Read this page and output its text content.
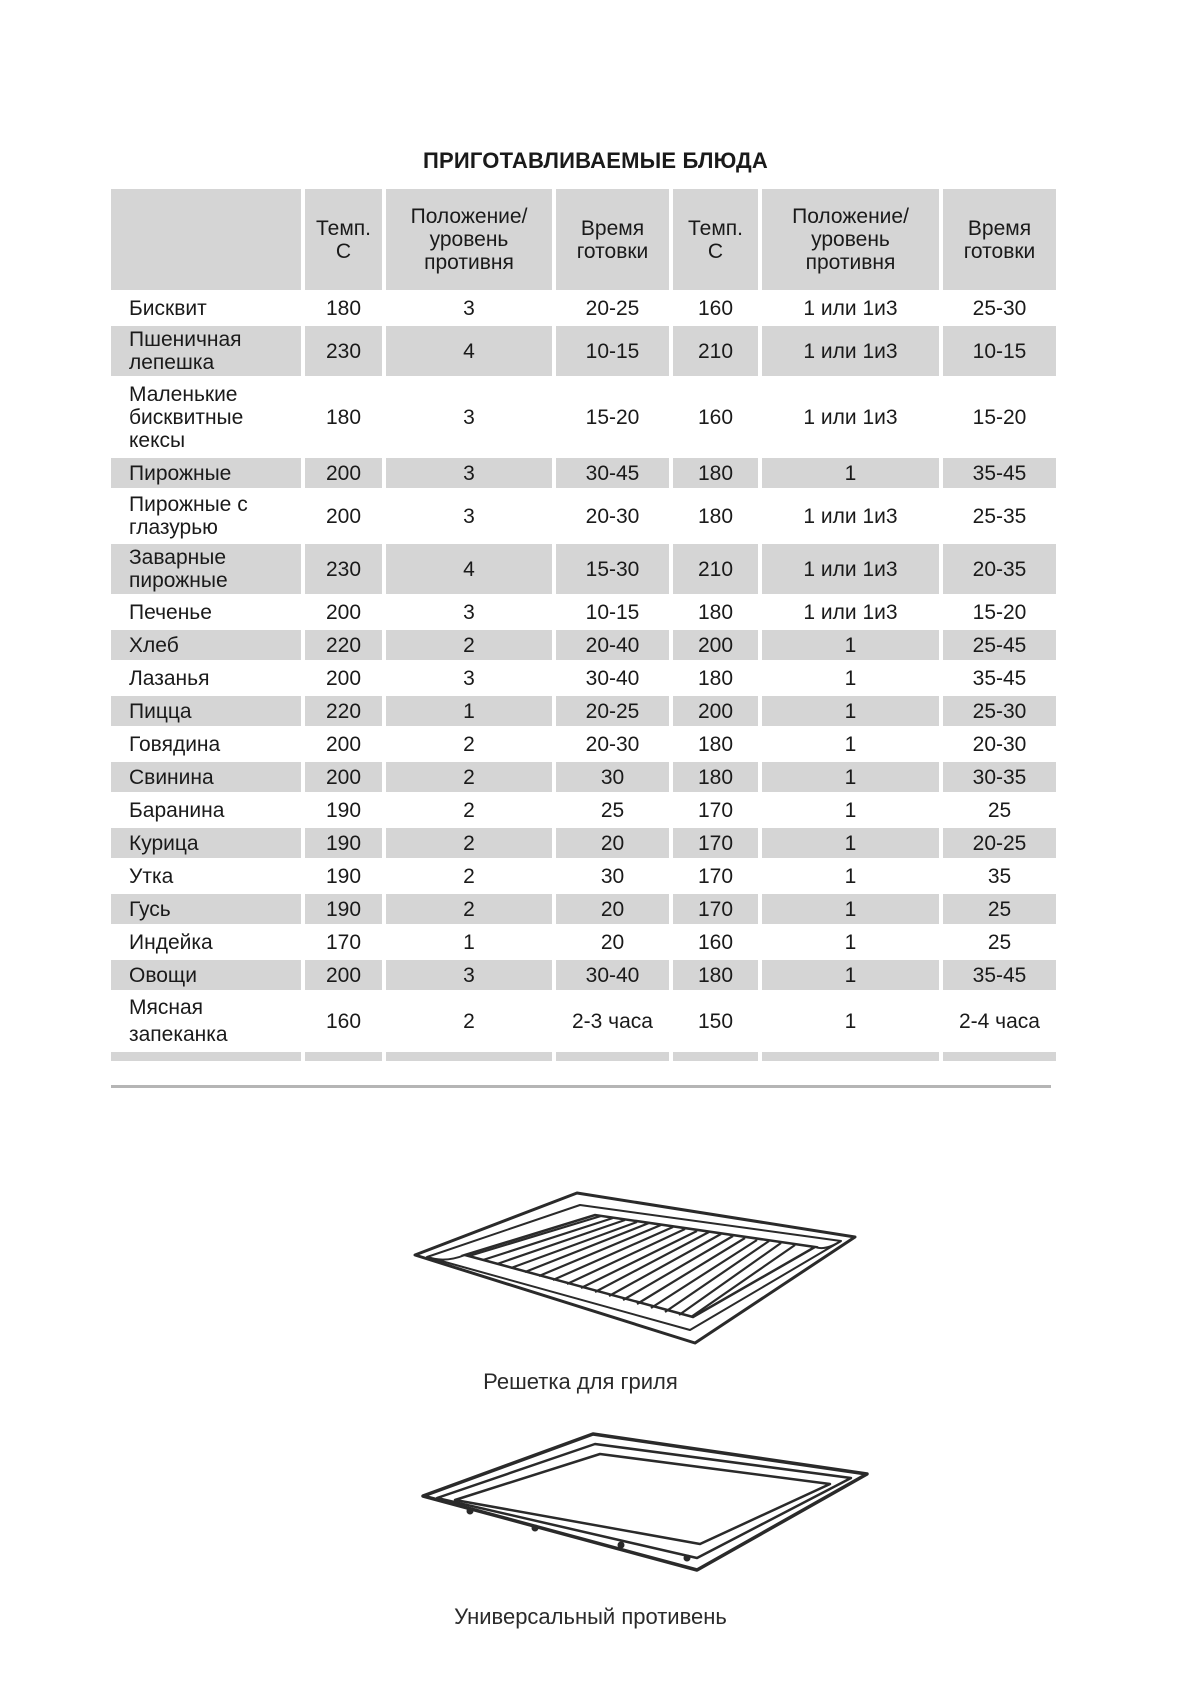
ПРИГОТАВЛИВАЕМЫЕ БЛЮДА

	Темп. С	Положение/ уровень противня	Время готовки	Темп. С	Положение/ уровень противня	Время готовки

Бисквит	180	3	20-25	160	1 или 1и3	25-30

Пшеничная лепешка	230	4	10-15	210	1 или 1и3	10-15

Маленькие бисквитные кексы	180	3	15-20	160	1 или 1и3	15-20
Пирожные	200	3	30-45	180	1	35-45

Пирожные с глазурью	200	3	20-30	180	1 или 1и3	25-35

Заварные пирожные	230	4	15-30	210	1 или 1и3	20-35
Печенье	200	3	10-15	180	1 или 1и3	15-20
Хлеб	220	2	20-40	200	1	25-45
Лазанья	200	3	30-40	180	1	35-45
Пицца	220	1	20-25	200	1	25-30
Говядина	200	2	20-30	180	1	20-30
Свинина	200	2	30	180	1	30-35
Баранина	190	2	25	170	1	25
Курица	190	2	20	170	1	20-25
Утка	190	2	30	170	1	35
Гусь	190	2	20	170	1	25
Индейка	170	1	20	160	1	25
Овощи	200	3	30-40	180	1	35-45

Мясная запеканка	160	2	2-3 часа	150	1	2-4 часа

Решетка для гриля
Универсальный противень
